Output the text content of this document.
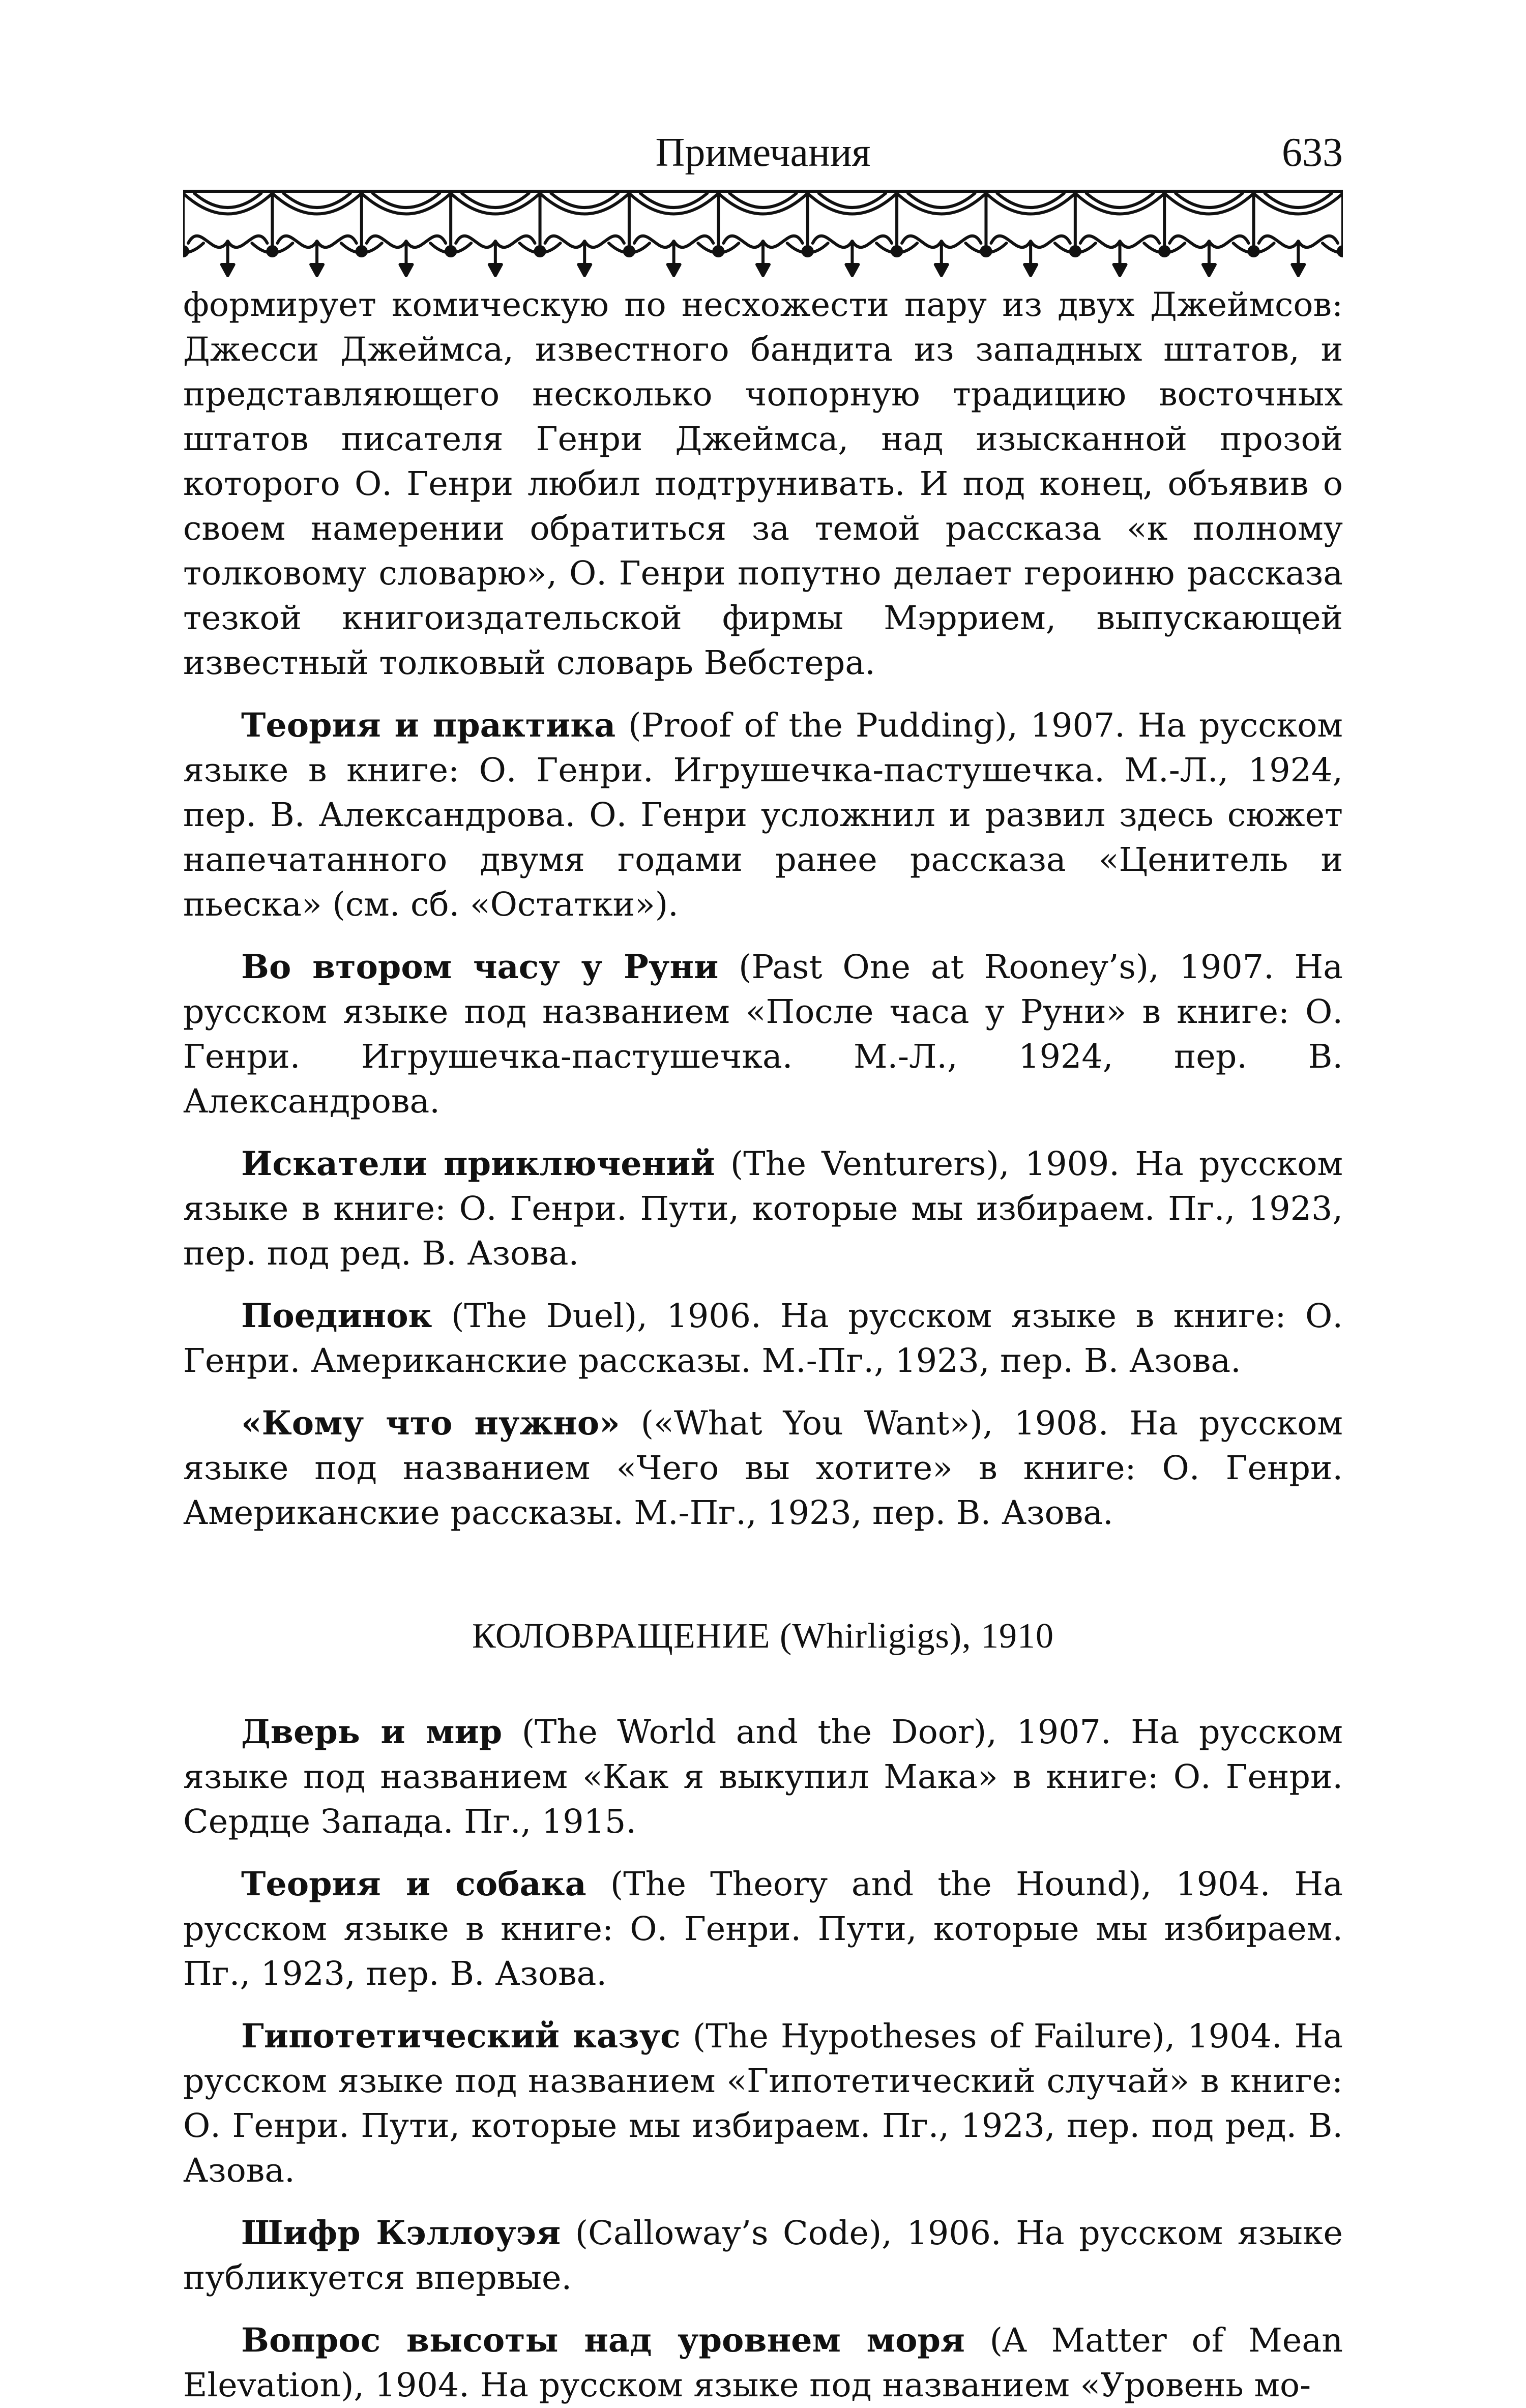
Примечания	633

формирует комическую по несхожести пару из двух Джеймсов: Джесси Джеймса, известного бандита из западных штатов, и представляющего несколько чопорную традицию восточных штатов писателя Генри Джеймса, над изысканной прозой которого О. Генри любил подтрунивать. И под конец, объявив о своем намерении обратиться за темой рассказа «к полному толковому словарю», О. Генри попутно делает героиню рассказа тезкой книгоиздательской фирмы Мэррием, выпускающей известный толковый словарь Вебстера.

Теория и практика (Proof of the Pudding), 1907. На русском языке в книге: О. Генри. Игрушечка-пастушечка. М.-Л., 1924, пер. В. Александрова. О. Генри усложнил и развил здесь сюжет напечатанного двумя годами ранее рассказа «Ценитель и пьеска» (см. сб. «Остатки»).

Во втором часу у Руни (Past One at Rooney’s), 1907. На русском языке под названием «После часа у Руни» в книге: О. Генри. Игрушечка-пастушечка. М.-Л., 1924, пер. В. Александрова.

Искатели приключений (The Venturers), 1909. На русском языке в книге: О. Генри. Пути, которые мы избираем. Пг., 1923, пер. под ред. В. Азова.

Поединок (The Duel), 1906. На русском языке в книге: О. Генри. Американские рассказы. М.-Пг., 1923, пер. В. Азова.

«Кому что нужно» («What You Want»), 1908. На русском языке под названием «Чего вы хотите» в книге: О. Генри. Американские рассказы. М.-Пг., 1923, пер. В. Азова.

КОЛОВРАЩЕНИЕ (Whirligigs), 1910

Дверь и мир (The World and the Door), 1907. На русском языке под названием «Как я выкупил Мака» в книге: О. Генри. Сердце Запада. Пг., 1915.

Теория и собака (The Theory and the Hound), 1904. На русском языке в книге: О. Генри. Пути, которые мы избираем. Пг., 1923, пер. В. Азова.

Гипотетический казус (The Hypotheses of Failure), 1904. На русском языке под названием «Гипотетический случай» в книге: О. Генри. Пути, которые мы избираем. Пг., 1923, пер. под ред. В. Азова.

Шифр Кэллоуэя (Calloway’s Code), 1906. На русском языке публикуется впервые.

Вопрос высоты над уровнем моря (A Matter of Mean Elevation), 1904. На русском языке под названием «Уровень мо-
